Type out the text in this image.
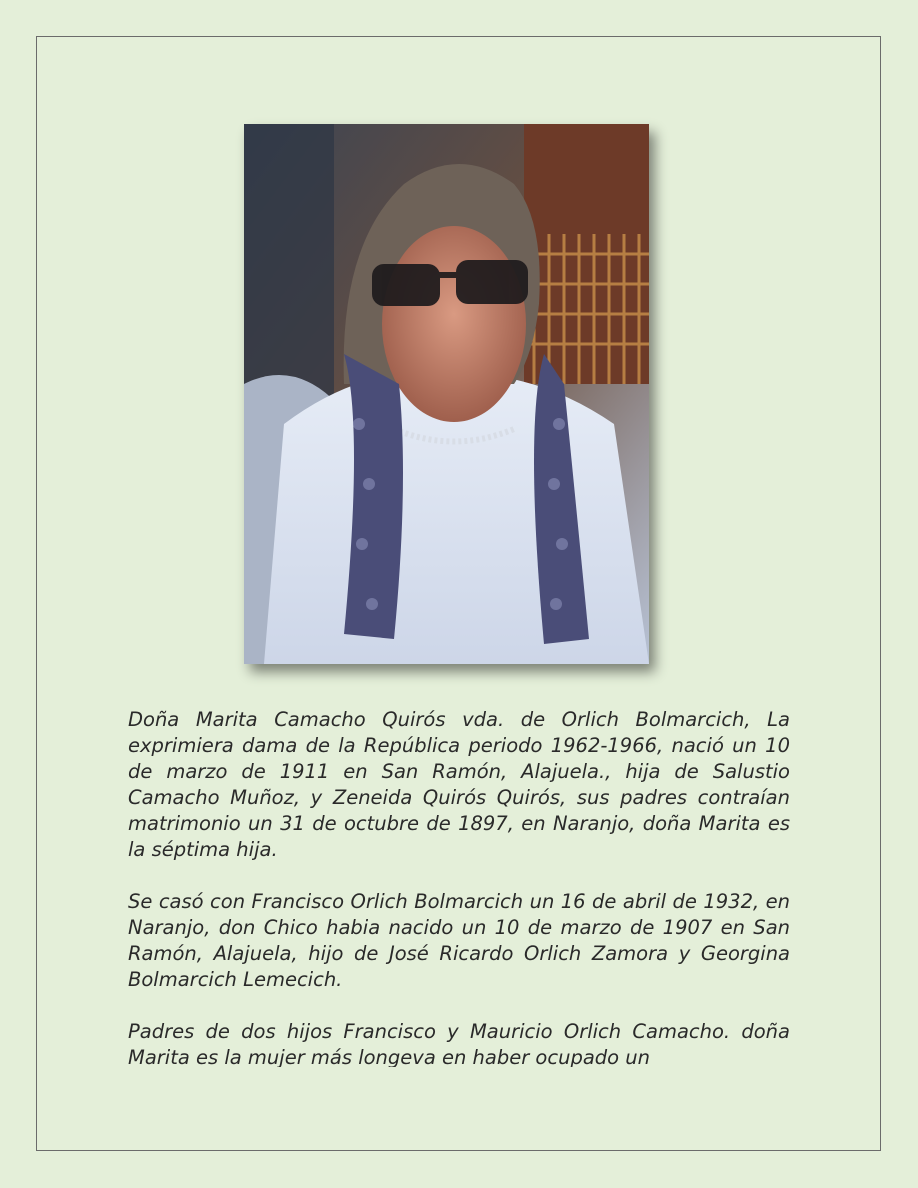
Doña Marita Camacho Quirós vda. de Orlich Bolmarcich, La exprimiera dama de la República periodo 1962-1966, nació un 10 de marzo de 1911 en San Ramón, Alajuela., hija de Salustio Camacho Muñoz, y Zeneida Quirós Quirós, sus padres contraían matrimonio un 31 de octubre de 1897, en Naranjo, doña Marita es la séptima hija.

Se casó con Francisco Orlich Bolmarcich un 16 de abril de 1932, en Naranjo, don Chico habia nacido un 10 de marzo de 1907 en San Ramón, Alajuela, hijo de José Ricardo Orlich Zamora y Georgina Bolmarcich Lemecich.

Padres de dos hijos Francisco y Mauricio Orlich Camacho. doña Marita es la mujer más longeva en haber ocupado un
